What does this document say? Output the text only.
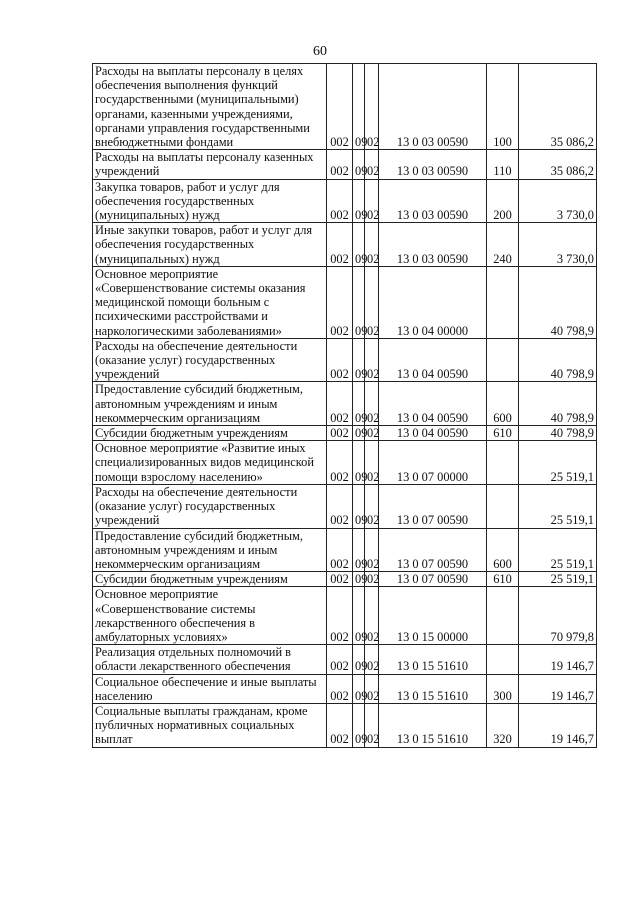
60
Расходы на выплаты персоналу в целях обеспечения выполнения функций государственными (муниципальными) органами, казенными учреждениями, органами управления государственными внебюджетными фондами	002	09	02	13 0 03 00590	100	35 086,2
Расходы на выплаты персоналу казенных учреждений	002	09	02	13 0 03 00590	110	35 086,2
Закупка товаров, работ и услуг для обеспечения государственных (муниципальных) нужд	002	09	02	13 0 03 00590	200	3 730,0
Иные закупки товаров, работ и услуг для обеспечения государственных (муниципальных) нужд	002	09	02	13 0 03 00590	240	3 730,0
Основное мероприятие «Совершенствование системы оказания медицинской помощи больным с психическими расстройствами и наркологическими заболеваниями»	002	09	02	13 0 04 00000		40 798,9
Расходы на обеспечение деятельности (оказание услуг) государственных учреждений	002	09	02	13 0 04 00590		40 798,9
Предоставление субсидий бюджетным, автономным учреждениям и иным некоммерческим организациям	002	09	02	13 0 04 00590	600	40 798,9
Субсидии бюджетным учреждениям	002	09	02	13 0 04 00590	610	40 798,9
Основное мероприятие «Развитие иных специализированных видов медицинской помощи взрослому населению»	002	09	02	13 0 07 00000		25 519,1
Расходы на обеспечение деятельности (оказание услуг) государственных учреждений	002	09	02	13 0 07 00590		25 519,1
Предоставление субсидий бюджетным, автономным учреждениям и иным некоммерческим организациям	002	09	02	13 0 07 00590	600	25 519,1
Субсидии бюджетным учреждениям	002	09	02	13 0 07 00590	610	25 519,1
Основное мероприятие «Совершенствование системы лекарственного обеспечения в амбулаторных условиях»	002	09	02	13 0 15 00000		70 979,8
Реализация отдельных полномочий в области лекарственного обеспечения	002	09	02	13 0 15 51610		19 146,7
Социальное обеспечение и иные выплаты населению	002	09	02	13 0 15 51610	300	19 146,7
Социальные выплаты гражданам, кроме публичных нормативных социальных выплат	002	09	02	13 0 15 51610	320	19 146,7
